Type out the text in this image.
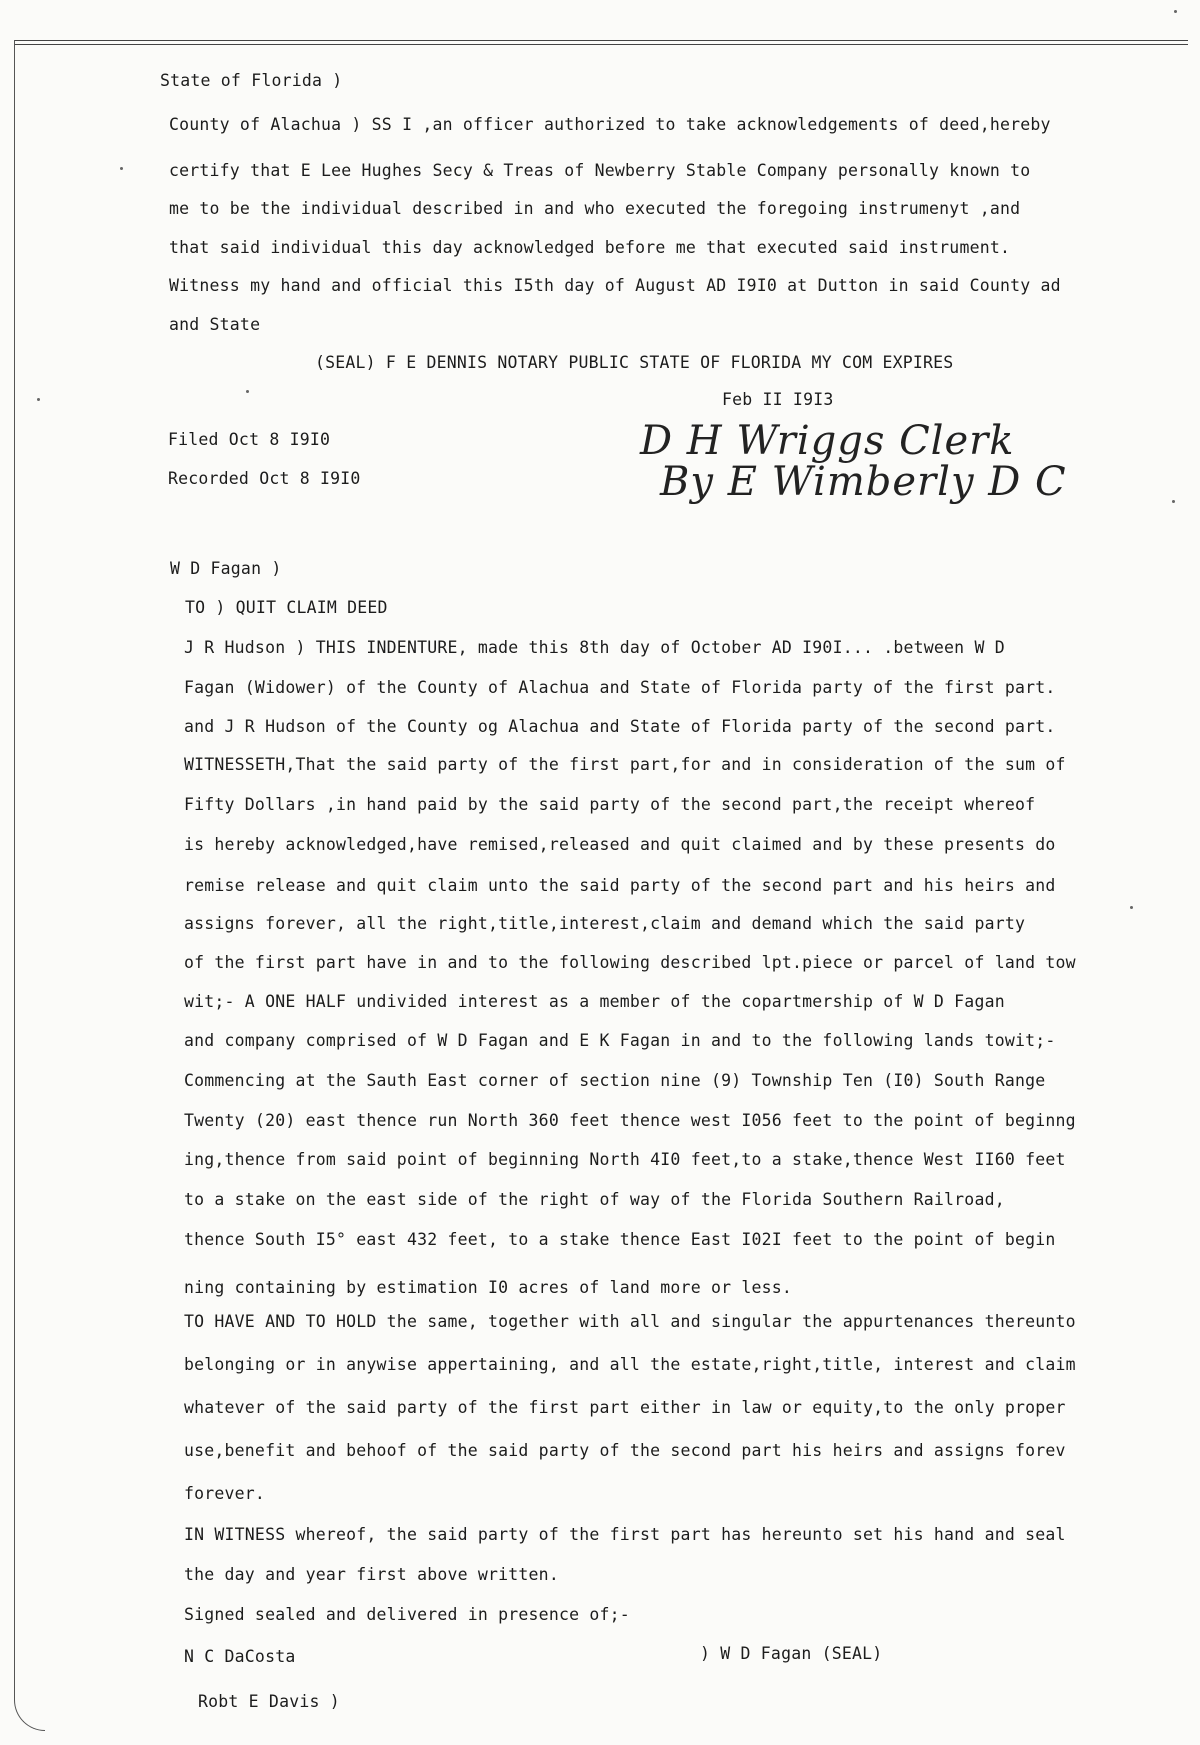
State of Florida )
County of Alachua ) SS I ,an officer authorized to take acknowledgements of deed,hereby
certify that E Lee Hughes Secy & Treas of Newberry Stable Company personally known to
me to be the individual described in and who executed the foregoing instrumenyt ,and
that said individual this day acknowledged before me that executed said instrument.
Witness my hand and official this I5th day of August AD I9I0 at Dutton in said County ad
and State
(SEAL) F E DENNIS NOTARY PUBLIC STATE OF FLORIDA MY COM EXPIRES
Feb II I9I3
Filed Oct 8 I9I0
Recorded Oct 8 I9I0
D H Wriggs Clerk
By E Wimberly D C
W D Fagan )
TO ) QUIT CLAIM DEED
J R Hudson ) THIS INDENTURE, made this 8th day of October AD I90I... .between W D
Fagan (Widower) of the County of Alachua and State of Florida party of the first part.
and J R Hudson of the County og Alachua and State of Florida party of the second part.
WITNESSETH,That the said party of the first part,for and in consideration of the sum of
Fifty Dollars ,in hand paid by the said party of the second part,the receipt whereof
is hereby acknowledged,have remised,released and quit claimed and by these presents do
remise release and quit claim unto the said party of the second part and his heirs and
assigns forever, all the right,title,interest,claim and demand which the said party
of the first part have in and to the following described lpt.piece or parcel of land tow
wit;- A ONE HALF undivided interest as a member of the copartmership of W D Fagan
and company comprised of W D Fagan and E K Fagan in and to the following lands towit;-
Commencing at the Sauth East corner of section nine (9) Township Ten (I0) South Range
Twenty (20) east thence run North 360 feet thence west I056 feet to the point of beginng
ing,thence from said point of beginning North 4I0 feet,to a stake,thence West II60 feet
to a stake on the east side of the right of way of the Florida Southern Railroad,
thence South I5° east 432 feet, to a stake thence East I02I feet to the point of begin
ning containing by estimation I0 acres of land more or less.
TO HAVE AND TO HOLD the same, together with all and singular the appurtenances thereunto
belonging or in anywise appertaining, and all the estate,right,title, interest and claim
whatever of the said party of the first part either in law or equity,to the only proper
use,benefit and behoof of the said party of the second part his heirs and assigns forev
forever.
IN WITNESS whereof, the said party of the first part has hereunto set his hand and seal
the day and year first above written.
Signed sealed and delivered in presence of;-
N C DaCosta	) W D Fagan (SEAL)
Robt E Davis )
